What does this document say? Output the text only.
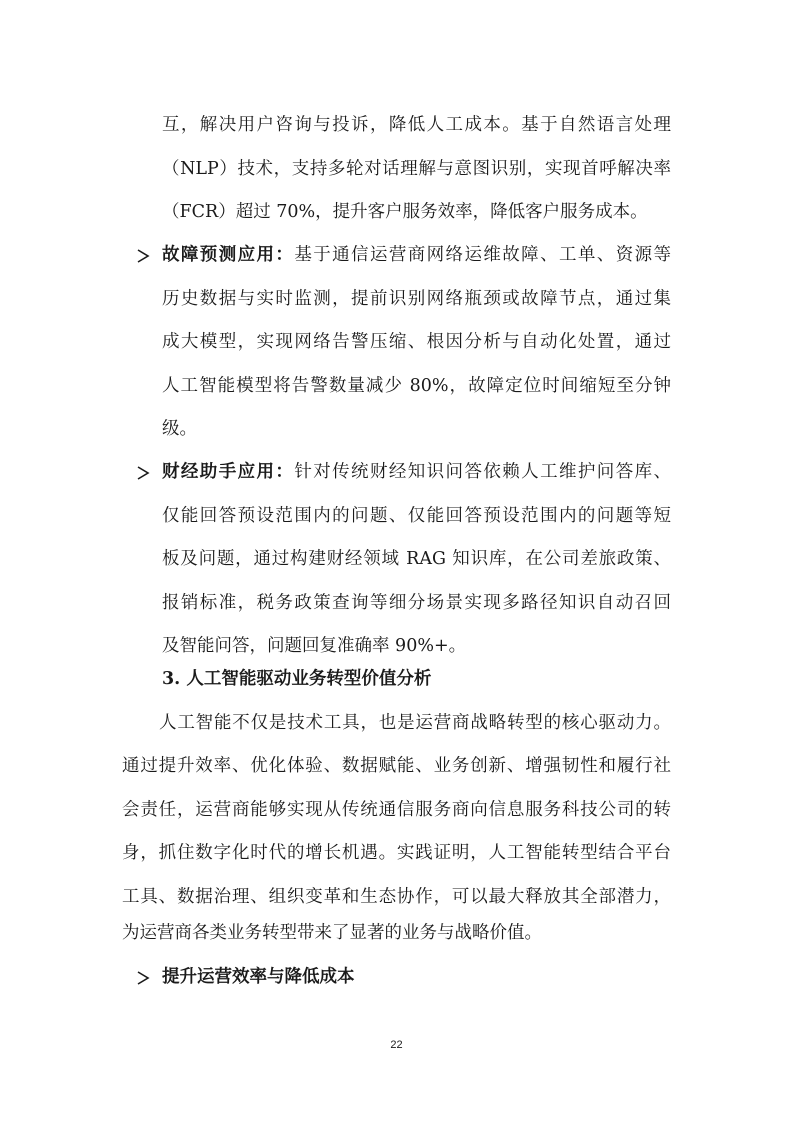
互，解决用户咨询与投诉，降低人工成本。基于自然语言处理
（NLP）技术，支持多轮对话理解与意图识别，实现首呼解决率
（FCR）超过 70%，提升客户服务效率，降低客户服务成本。
故障预测应用：基于通信运营商网络运维故障、工单、资源等
历史数据与实时监测，提前识别网络瓶颈或故障节点，通过集
成大模型，实现网络告警压缩、根因分析与自动化处置，通过
人工智能模型将告警数量减少 80%，故障定位时间缩短至分钟
级。
财经助手应用：针对传统财经知识问答依赖人工维护问答库、
仅能回答预设范围内的问题、仅能回答预设范围内的问题等短
板及问题，通过构建财经领域 RAG 知识库，在公司差旅政策、
报销标准，税务政策查询等细分场景实现多路径知识自动召回
及智能问答，问题回复准确率 90%+。
3. 人工智能驱动业务转型价值分析
人工智能不仅是技术工具，也是运营商战略转型的核心驱动力。
通过提升效率、优化体验、数据赋能、业务创新、增强韧性和履行社
会责任，运营商能够实现从传统通信服务商向信息服务科技公司的转
身，抓住数字化时代的增长机遇。实践证明，人工智能转型结合平台
工具、数据治理、组织变革和生态协作，可以最大释放其全部潜力，
为运营商各类业务转型带来了显著的业务与战略价值。
提升运营效率与降低成本
22
